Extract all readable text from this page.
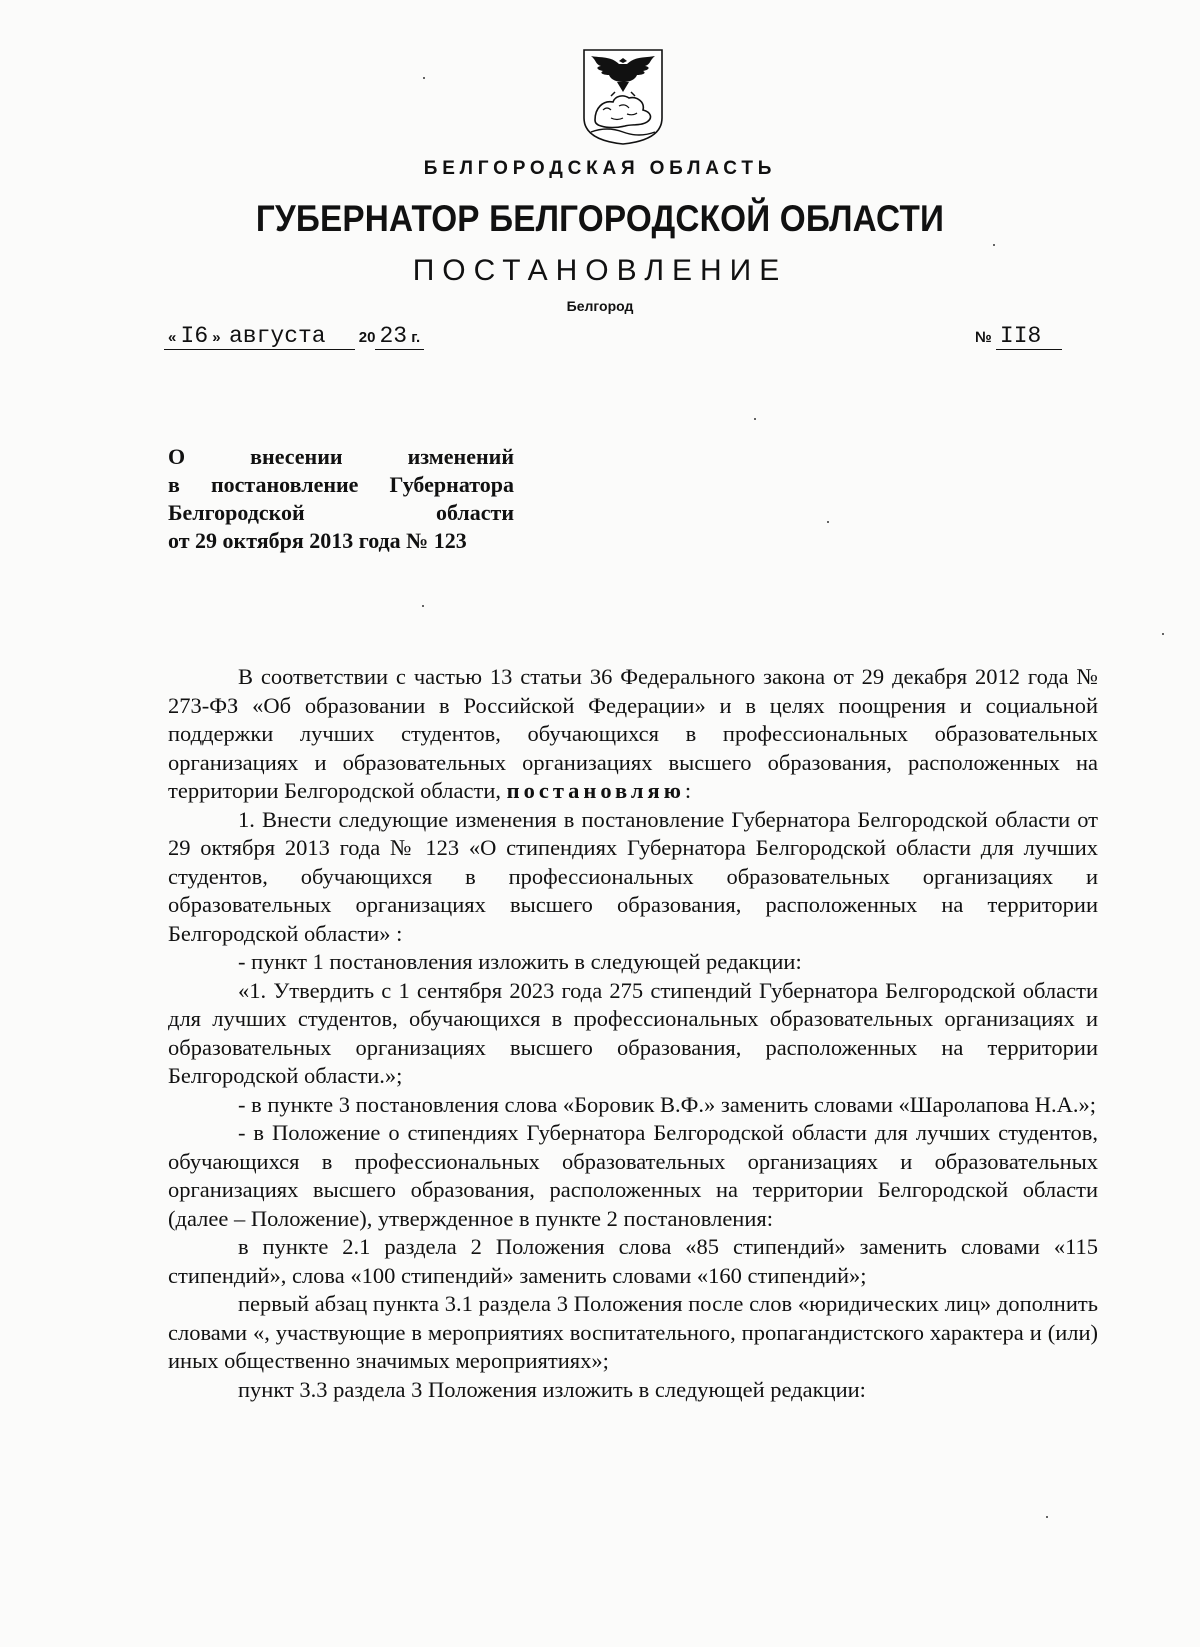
БЕЛГОРОДСКАЯ ОБЛАСТЬ
ГУБЕРНАТОР БЕЛГОРОДСКОЙ ОБЛАСТИ
ПОСТАНОВЛЕНИЕ
Белгород
« I6 » августа 20 23 г.	№ II8
О внесении изменений
в постановление Губернатора
Белгородской области
от 29 октября 2013 года № 123

В соответствии с частью 13 статьи 36 Федерального закона от 29 декабря 2012 года № 273-ФЗ «Об образовании в Российской Федерации» и в целях поощрения и социальной поддержки лучших студентов, обучающихся в профессиональных образовательных организациях и образовательных организациях высшего образования, расположенных на территории Белгородской области, постановляю:

1. Внести следующие изменения в постановление Губернатора Белгородской области от 29 октября 2013 года № 123 «О стипендиях Губернатора Белгородской области для лучших студентов, обучающихся в профессиональных образовательных организациях и образовательных организациях высшего образования, расположенных на территории Белгородской области» :

- пункт 1 постановления изложить в следующей редакции:

«1. Утвердить с 1 сентября 2023 года 275 стипендий Губернатора Белгородской области для лучших студентов, обучающихся в профессиональных образовательных организациях и образовательных организациях высшего образования, расположенных на территории Белгородской области.»;

- в пункте 3 постановления слова «Боровик В.Ф.» заменить словами «Шаролапова Н.А.»;

- в Положение о стипендиях Губернатора Белгородской области для лучших студентов, обучающихся в профессиональных образовательных организациях и образовательных организациях высшего образования, расположенных на территории Белгородской области (далее – Положение), утвержденное в пункте 2 постановления:

в пункте 2.1 раздела 2 Положения слова «85 стипендий» заменить словами «115 стипендий», слова «100 стипендий» заменить словами «160 стипендий»;

первый абзац пункта 3.1 раздела 3 Положения после слов «юридических лиц» дополнить словами «, участвующие в мероприятиях воспитательного, пропагандистского характера и (или) иных общественно значимых мероприятиях»;

пункт 3.3 раздела 3 Положения изложить в следующей редакции:
